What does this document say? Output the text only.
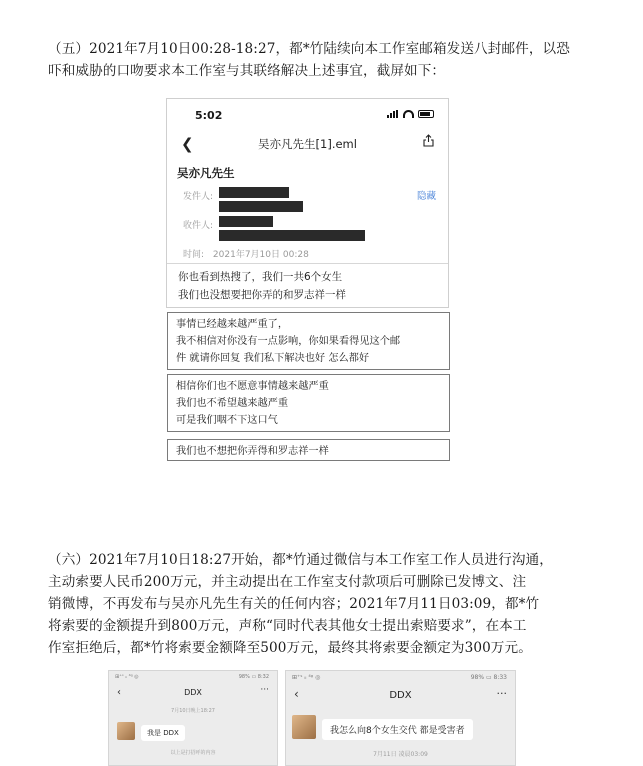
（五）2021年7月10日00:28-18:27，都*竹陆续向本工作室邮箱发送八封邮件，以恐
吓和威胁的口吻要求本工作室与其联络解决上述事宜，截屏如下：
5:02
❮	吴亦凡先生[1].eml
吴亦凡先生
发件人:	隐藏
收件人:
时间: 2021年7月10日 00:28
你也看到热搜了，我们一共6个女生
我们也没想要把你弄的和罗志祥一样
事情已经越来越严重了，
我不相信对你没有一点影响，你如果看得见这个邮
件 就请你回复 我们私下解决也好 怎么都好
相信你们也不愿意事情越来越严重
我们也不希望越来越严重
可是我们咽不下这口气
我们也不想把你弄得和罗志祥一样
（六）2021年7月10日18:27开始，都*竹通过微信与本工作室工作人员进行沟通，
主动索要人民币200万元，并主动提出在工作室支付款项后可删除已发博文、注
销微博，不再发布与吴亦凡先生有关的任何内容；2021年7月11日03:09，都*竹
将索要的金额提升到800万元，声称“同时代表其他女士提出索赔要求”，在本工
作室拒绝后，都*竹将索要金额降至500万元，最终其将索要金额定为300万元。
⊞⁺ˢ ᵢᵢ ⁴ᵍ ◎	98% ▭ 8:32
‹	DDX	···
7月10日晚上18:27
我是 DDX
以上是打招呼的内容
⊞⁺ˢ ᵢᵢ ⁴ᵍ ◎	98% ▭ 8:33
‹	DDX	···
我怎么向8个女生交代 都是受害者
7月11日 凌晨03:09
